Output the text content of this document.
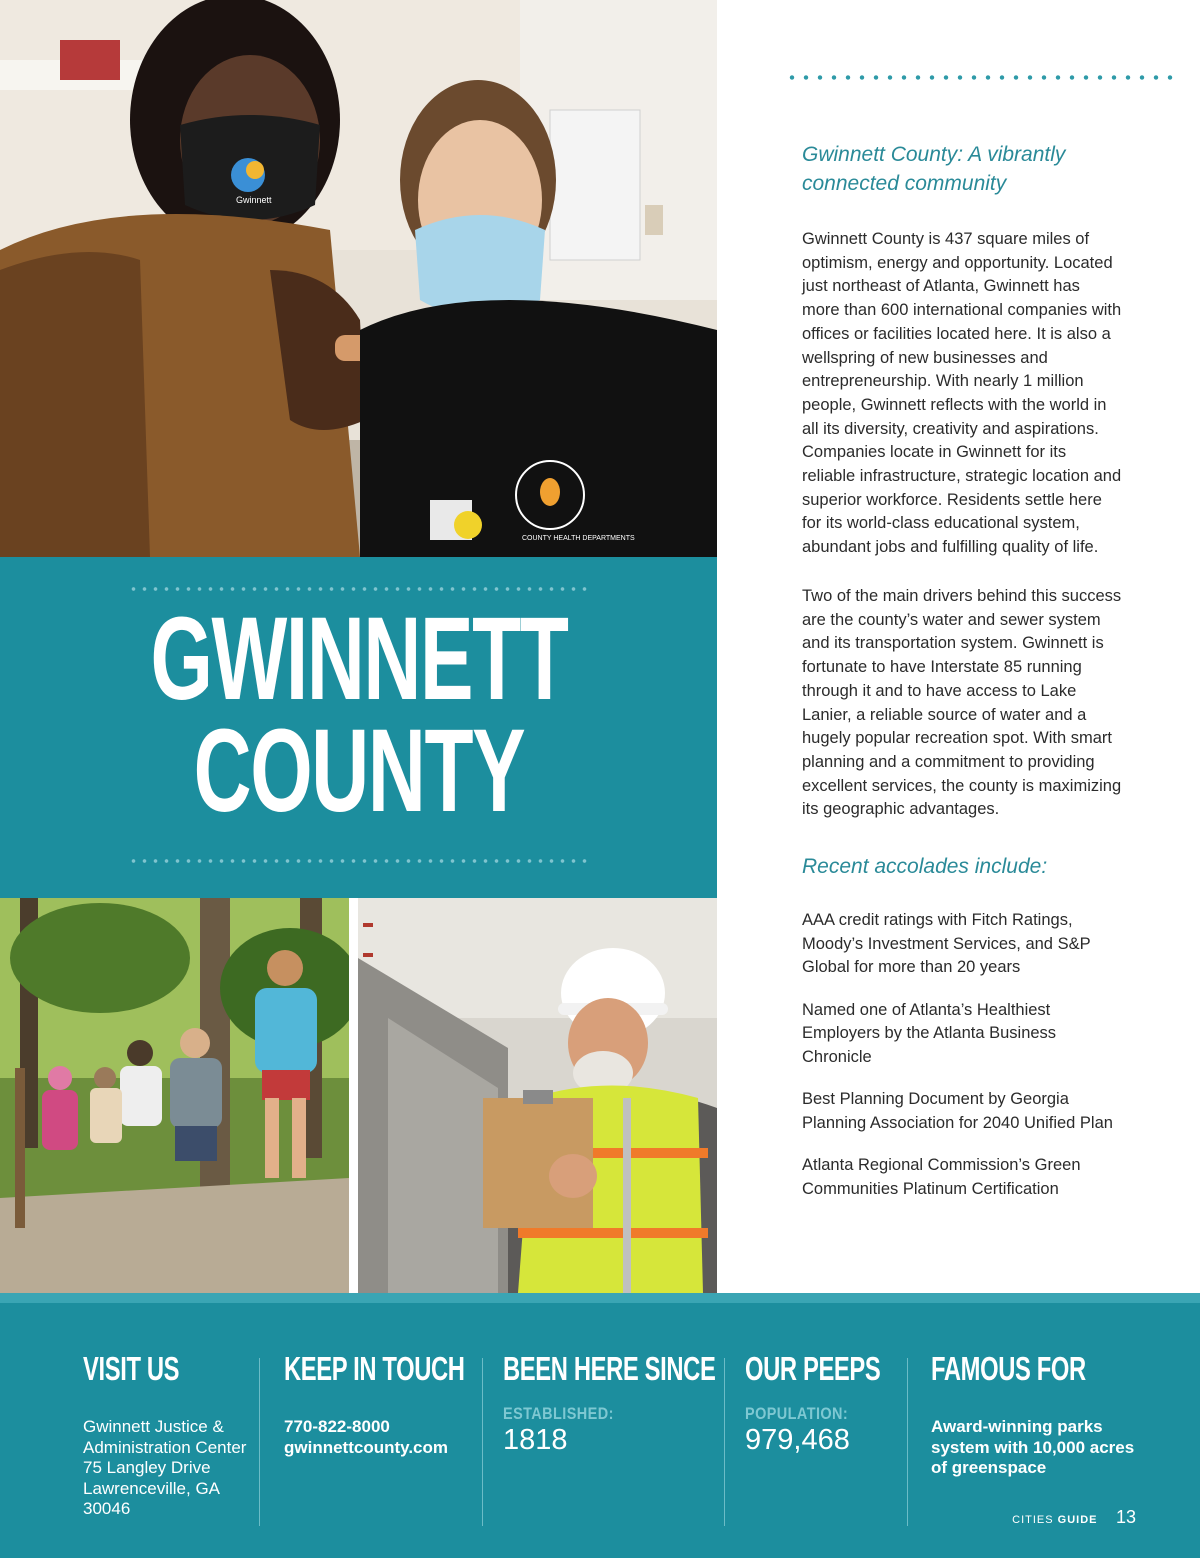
Gwinnett
COUNTY HEALTH DEPARTMENTS
GWINNETT
COUNTY
Gwinnett County: A vibrantly
connected community
Gwinnett County is 437 square miles of optimism, energy and opportunity. Located just northeast of Atlanta, Gwinnett has more than 600 international companies with offices or facilities located here. It is also a wellspring of new businesses and entrepreneurship. With nearly 1 million people, Gwinnett reflects with the world in all its diversity, creativity and aspirations. Companies locate in Gwinnett for its reliable infrastructure, strategic location and superior workforce. Residents settle here for its world-class educational system, abundant jobs and fulfilling quality of life.
Two of the main drivers behind this success are the county’s water and sewer system and its transportation system. Gwinnett is fortunate to have Interstate 85 running through it and to have access to Lake Lanier, a reliable source of water and a hugely popular recreation spot. With smart planning and a commitment to providing excellent services, the county is maximizing its geographic advantages.
Recent accolades include:
AAA credit ratings with Fitch Ratings, Moody’s Investment Services, and S&P Global for more than 20 years
Named one of Atlanta’s Healthiest Employers by the Atlanta Business Chronicle
Best Planning Document by Georgia Planning Association for 2040 Unified Plan
Atlanta Regional Commission’s Green Communities Platinum Certification
VISIT US
Gwinnett Justice &
Administration Center
75 Langley Drive
Lawrenceville, GA
30046
KEEP IN TOUCH
770-822-8000
gwinnettcounty.com
BEEN HERE SINCE
ESTABLISHED:
1818
OUR PEEPS
POPULATION:
979,468
FAMOUS FOR
Award-winning parks system with 10,000 acres of greenspace
CITIES GUIDE 13
